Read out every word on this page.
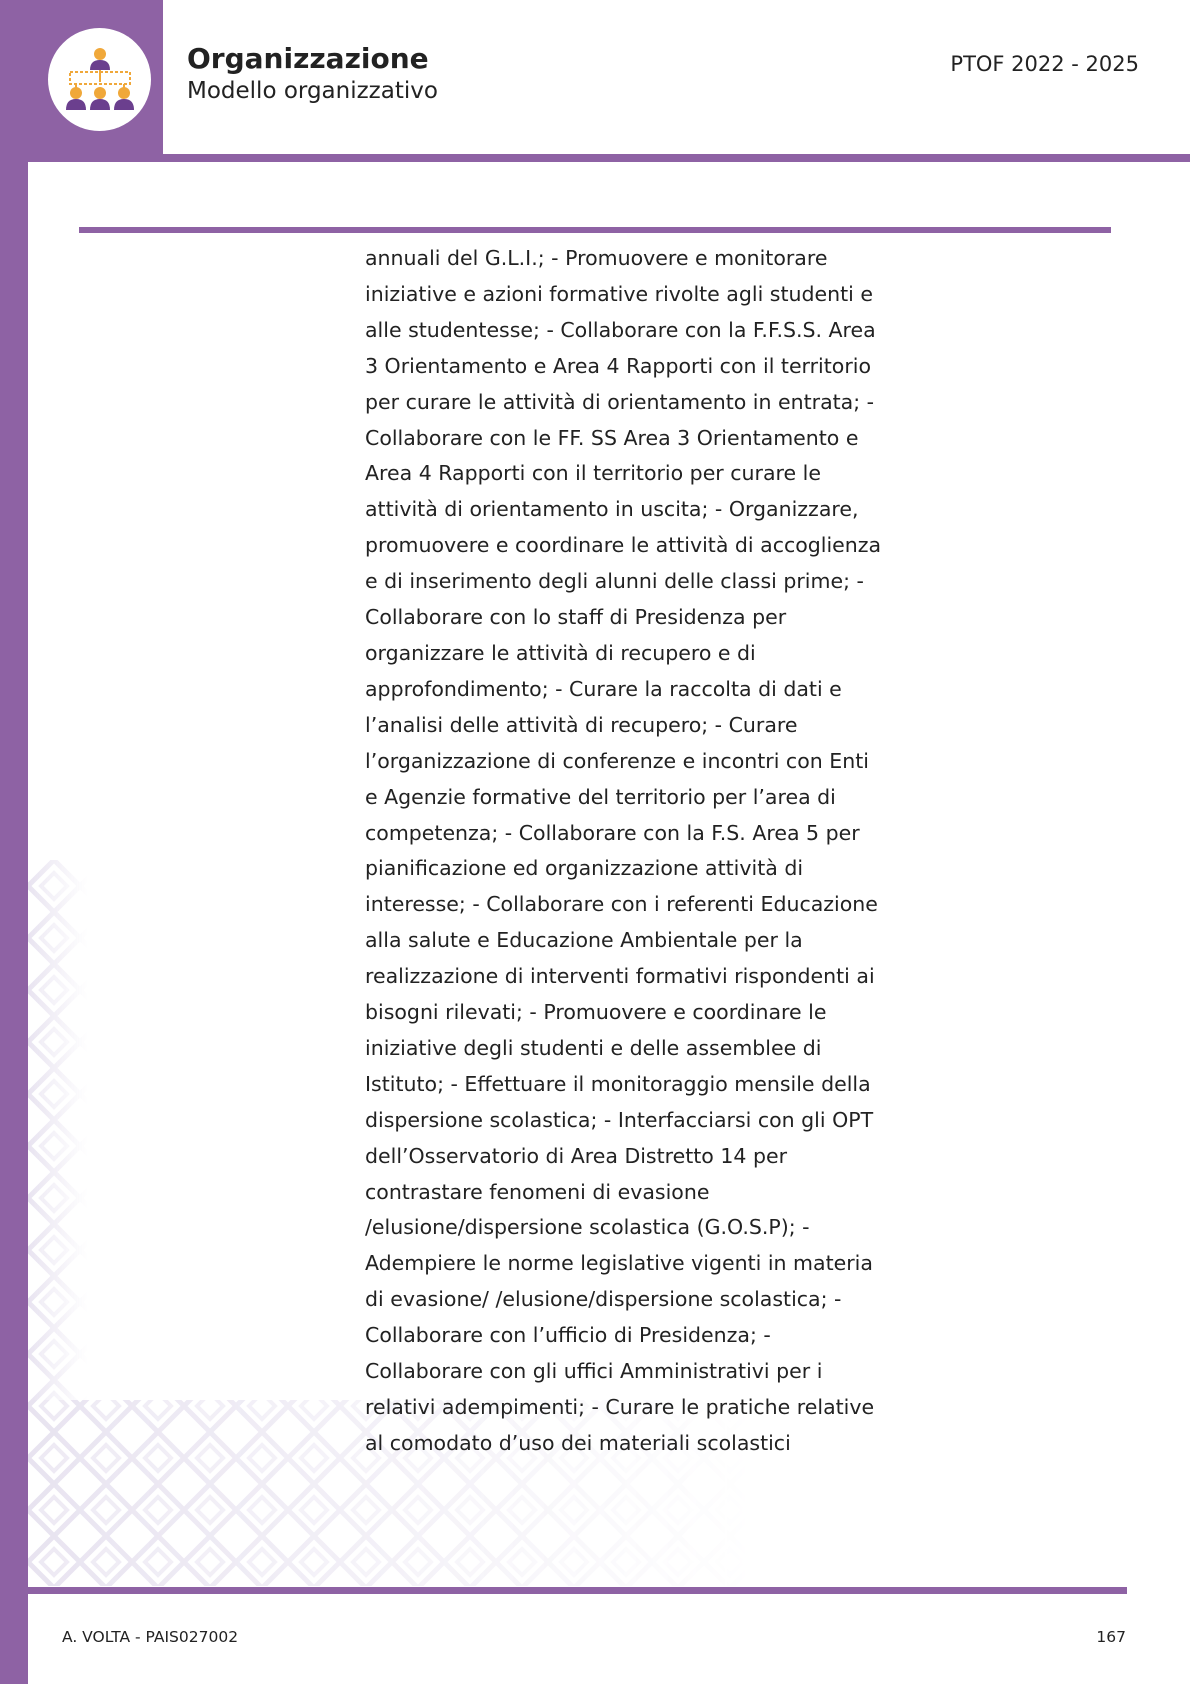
Organizzazione
Modello organizzativo
PTOF 2022 - 2025

annuali del G.L.I.; - Promuovere e monitorare iniziative e azioni formative rivolte agli studenti e alle studentesse; - Collaborare con la F.F.S.S. Area 3 Orientamento e Area 4 Rapporti con il territorio per curare le attività di orientamento in entrata; - Collaborare con le FF. SS Area 3 Orientamento e Area 4 Rapporti con il territorio per curare le attività di orientamento in uscita; - Organizzare, promuovere e coordinare le attività di accoglienza e di inserimento degli alunni delle classi prime; - Collaborare con lo staff di Presidenza per organizzare le attività di recupero e di approfondimento; - Curare la raccolta di dati e l’analisi delle attività di recupero; - Curare l’organizzazione di conferenze e incontri con Enti e Agenzie formative del territorio per l’area di competenza; - Collaborare con la F.S. Area 5 per pianificazione ed organizzazione attività di interesse; - Collaborare con i referenti Educazione alla salute e Educazione Ambientale per la realizzazione di interventi formativi rispondenti ai bisogni rilevati; - Promuovere e coordinare le iniziative degli studenti e delle assemblee di Istituto; - Effettuare il monitoraggio mensile della dispersione scolastica; - Interfacciarsi con gli OPT dell’Osservatorio di Area Distretto 14 per contrastare fenomeni di evasione /elusione/dispersione scolastica (G.O.S.P); - Adempiere le norme legislative vigenti in materia di evasione/ /elusione/dispersione scolastica; - Collaborare con l’ufficio di Presidenza; - Collaborare con gli uffici Amministrativi per i relativi adempimenti; - Curare le pratiche relative al comodato d’uso dei materiali scolastici

A. VOLTA - PAIS027002	167
